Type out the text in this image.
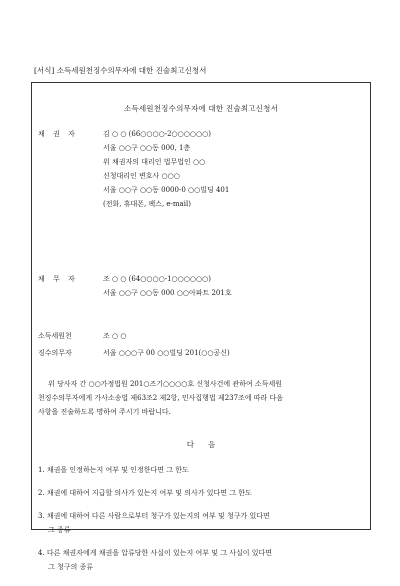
[서식] 소득세원천징수의무자에 대한 진술최고신청서
소득세원천징수의무자에 대한 진술최고신청서
채 권 자	김 ○ ○ (66○○○○-2○○○○○○)
서울 ○○구 ○○동 000, 1층
위 채권자의 대리인 법무법인 ○○
신청대리인 변호사 ○○○
서울 ○○구 ○○동 0000-0 ○○빌딩 401
(전화, 휴대폰, 팩스, e-mail)
채 무 자	조 ○ ○ (64○○○○-1○○○○○○)
서울 ○○구 ○○동 000 ○○아파트 201호
소득세원천	조 ○ ○
징수의무자	서울 ○○○구 00 ○○빌딩 201(○○공신)
위 당사자 간 ○○가정법원 201○즈기○○○○호 신청사건에 관하여 소득세원
천징수의무자에게 가사소송법 제63조2 제2항, 민사집행법 제237조에 따라 다음
사항을 진술하도록 명하여 주시기 바랍니다.
다음
1. 채권을 인정하는지 여부 및 인정한다면 그 한도
2. 채권에 대하여 지급할 의사가 있는지 여부 및 의사가 있다면 그 한도
3. 채권에 대하여 다른 사람으로부터 청구가 있는지의 여부 및 청구가 있다면
그 종류
4. 다른 채권자에게 채권을 압류당한 사실이 있는지 여부 및 그 사실이 있다면
그 청구의 종류
